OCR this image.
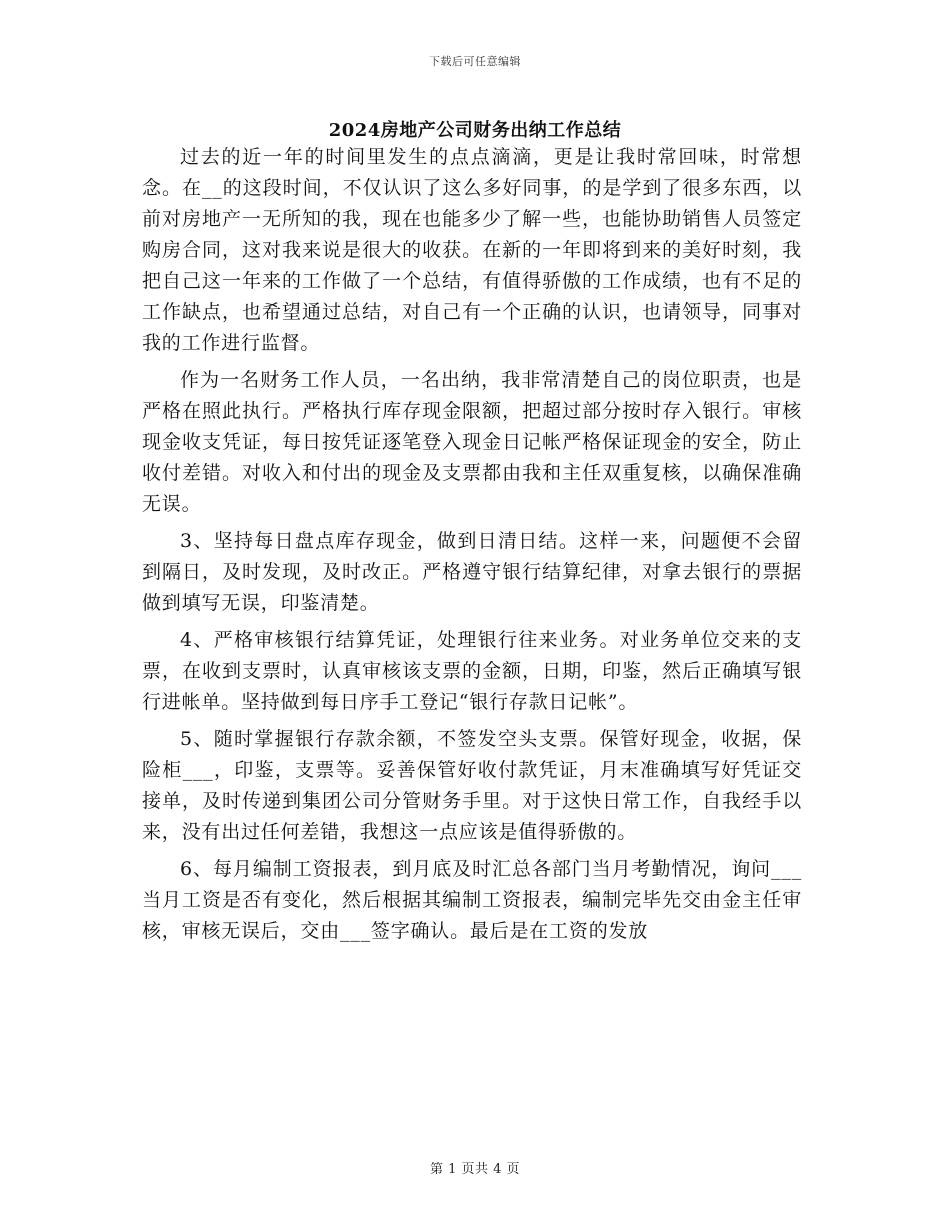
下载后可任意编辑
2024房地产公司财务出纳工作总结

过去的近一年的时间里发生的点点滴滴，更是让我时常回味，时常想念。在__的这段时间，不仅认识了这么多好同事，的是学到了很多东西，以前对房地产一无所知的我，现在也能多少了解一些，也能协助销售人员签定购房合同，这对我来说是很大的收获。在新的一年即将到来的美好时刻，我把自己这一年来的工作做了一个总结，有值得骄傲的工作成绩，也有不足的工作缺点，也希望通过总结，对自己有一个正确的认识，也请领导，同事对我的工作进行监督。

作为一名财务工作人员，一名出纳，我非常清楚自己的岗位职责，也是严格在照此执行。严格执行库存现金限额，把超过部分按时存入银行。审核现金收支凭证，每日按凭证逐笔登入现金日记帐严格保证现金的安全，防止收付差错。对收入和付出的现金及支票都由我和主任双重复核，以确保准确无误。

3、坚持每日盘点库存现金，做到日清日结。这样一来，问题便不会留到隔日，及时发现，及时改正。严格遵守银行结算纪律，对拿去银行的票据做到填写无误，印鉴清楚。

4、严格审核银行结算凭证，处理银行往来业务。对业务单位交来的支票，在收到支票时，认真审核该支票的金额，日期，印鉴，然后正确填写银行进帐单。坚持做到每日序手工登记“银行存款日记帐”。

5、随时掌握银行存款余额，不签发空头支票。保管好现金，收据，保险柜___，印鉴，支票等。妥善保管好收付款凭证，月末准确填写好凭证交接单，及时传递到集团公司分管财务手里。对于这快日常工作，自我经手以来，没有出过任何差错，我想这一点应该是值得骄傲的。

6、每月编制工资报表，到月底及时汇总各部门当月考勤情况，询问___当月工资是否有变化，然后根据其编制工资报表，编制完毕先交由金主任审核，审核无误后，交由___签字确认。最后是在工资的发放

第 1 页共 4 页
